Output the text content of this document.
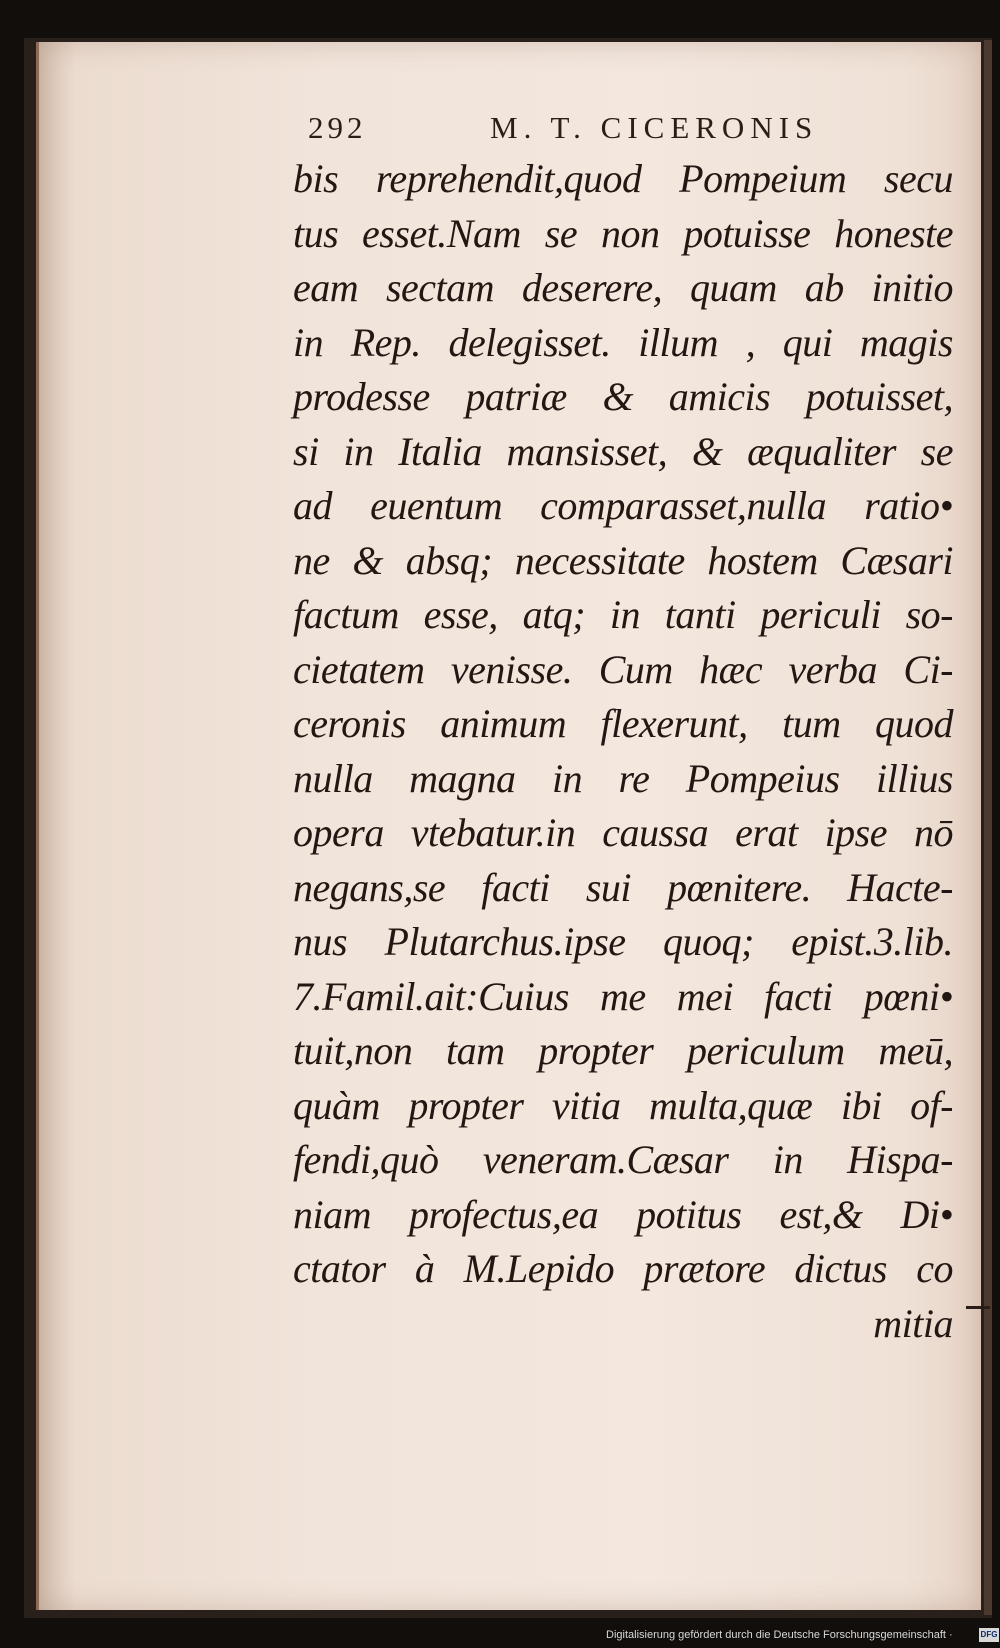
292	M. T. CICERONIS
bis reprehendit,quod Pompeium secu
tus esset.Nam se non potuisse honeste
eam sectam deserere, quam ab initio
in Rep. delegisset. illum , qui magis
prodesse patriæ & amicis potuisset,
si in Italia mansisset, & æqualiter se
ad euentum comparasset,nulla ratio•
ne & absq; necessitate hostem Cæsari
factum esse, atq; in tanti periculi so-
cietatem venisse. Cum hæc verba Ci-
ceronis animum flexerunt, tum quod
nulla magna in re Pompeius illius
opera vtebatur.in caussa erat ipse nō
negans,se facti sui pœnitere. Hacte-
nus Plutarchus.ipse quoq; epist.3.lib.
7.Famil.ait:Cuius me mei facti pœni•
tuit,non tam propter periculum meū,
quàm propter vitia multa,quæ ibi of-
fendi,quò veneram.Cæsar in Hispa-
niam profectus,ea potitus est,& Di•
ctator à M.Lepido prætore dictus co
mitia
Digitalisierung gefördert durch die Deutsche Forschungsgemeinschaft ·	DFG
